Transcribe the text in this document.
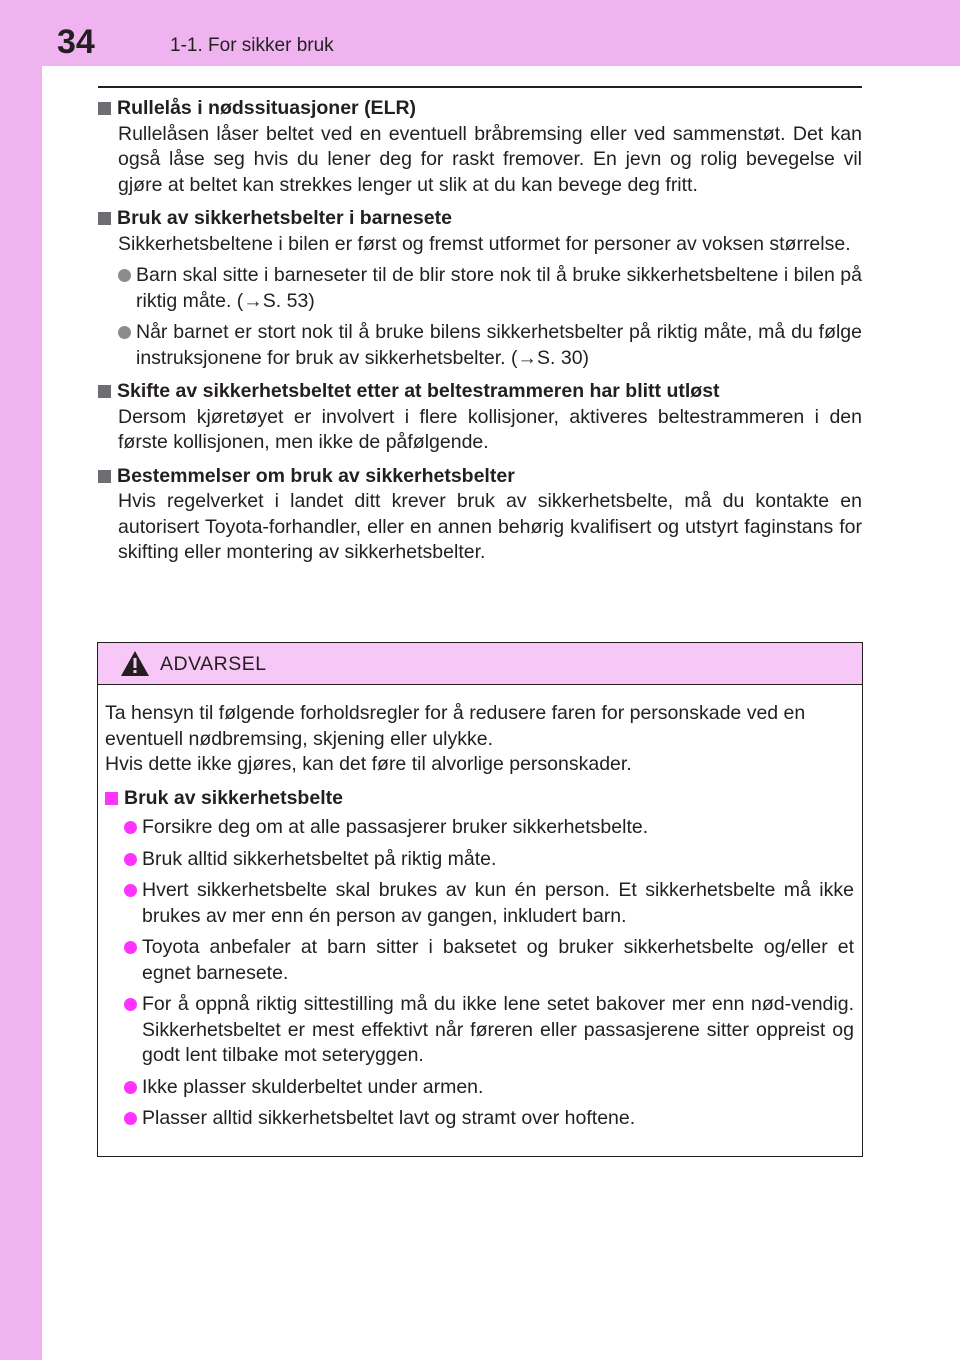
34	1-1. For sikker bruk
Rullelås i nødssituasjoner (ELR)
Rullelåsen låser beltet ved en eventuell bråbremsing eller ved sammenstøt. Det kan også låse seg hvis du lener deg for raskt fremover. En jevn og rolig bevegelse vil gjøre at beltet kan strekkes lenger ut slik at du kan bevege deg fritt.
Bruk av sikkerhetsbelter i barnesete
Sikkerhetsbeltene i bilen er først og fremst utformet for personer av voksen størrelse.
Barn skal sitte i barneseter til de blir store nok til å bruke sikkerhetsbeltene i bilen på riktig måte. (→S. 53)
Når barnet er stort nok til å bruke bilens sikkerhetsbelter på riktig måte, må du følge instruksjonene for bruk av sikkerhetsbelter. (→S. 30)
Skifte av sikkerhetsbeltet etter at beltestrammeren har blitt utløst
Dersom kjøretøyet er involvert i flere kollisjoner, aktiveres beltestrammeren i den første kollisjonen, men ikke de påfølgende.
Bestemmelser om bruk av sikkerhetsbelter
Hvis regelverket i landet ditt krever bruk av sikkerhetsbelte, må du kontakte en autorisert Toyota-forhandler, eller en annen behørig kvalifisert og utstyrt faginstans for skifting eller montering av sikkerhetsbelter.
ADVARSEL
Ta hensyn til følgende forholdsregler for å redusere faren for personskade ved en eventuell nødbremsing, skjening eller ulykke.
Hvis dette ikke gjøres, kan det føre til alvorlige personskader.
Bruk av sikkerhetsbelte
Forsikre deg om at alle passasjerer bruker sikkerhetsbelte.
Bruk alltid sikkerhetsbeltet på riktig måte.
Hvert sikkerhetsbelte skal brukes av kun én person. Et sikkerhetsbelte må ikke brukes av mer enn én person av gangen, inkludert barn.
Toyota anbefaler at barn sitter i baksetet og bruker sikkerhetsbelte og/eller et egnet barnesete.
For å oppnå riktig sittestilling må du ikke lene setet bakover mer enn nød-vendig. Sikkerhetsbeltet er mest effektivt når føreren eller passasjerene sitter oppreist og godt lent tilbake mot seteryggen.
Ikke plasser skulderbeltet under armen.
Plasser alltid sikkerhetsbeltet lavt og stramt over hoftene.
